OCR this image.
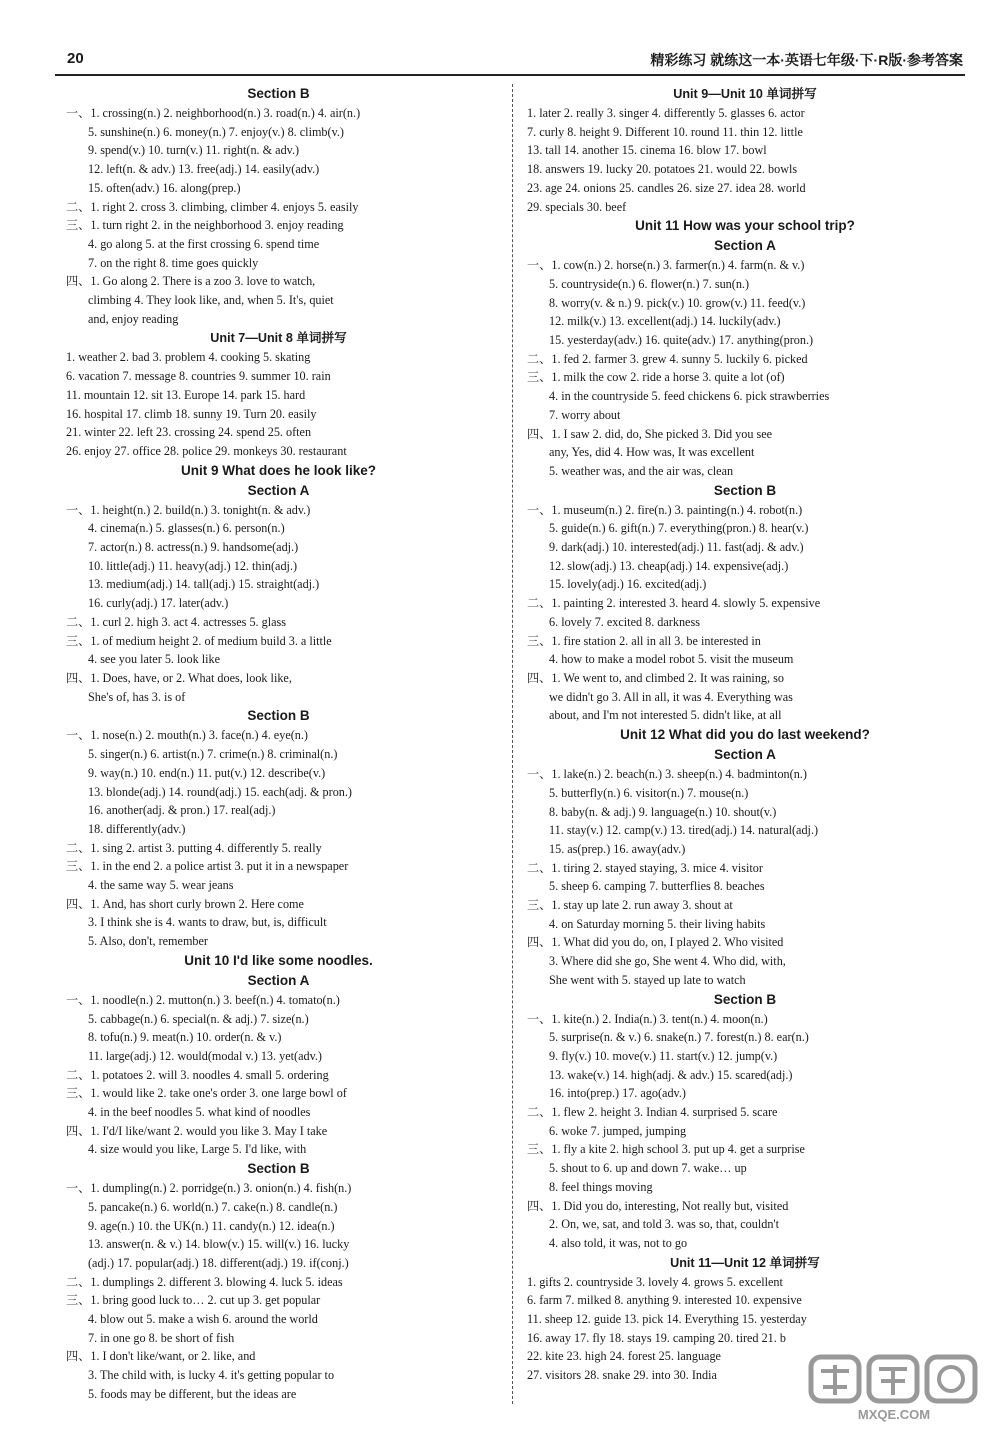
20	精彩练习 就练这一本·英语七年级·下·R版·参考答案
Section B
一、1. crossing(n.) 2. neighborhood(n.) 3. road(n.) 4. air(n.)
5. sunshine(n.) 6. money(n.) 7. enjoy(v.) 8. climb(v.)
9. spend(v.) 10. turn(v.) 11. right(n. & adv.)
12. left(n. & adv.) 13. free(adj.) 14. easily(adv.)
15. often(adv.) 16. along(prep.)
二、1. right 2. cross 3. climbing, climber 4. enjoys 5. easily
三、1. turn right 2. in the neighborhood 3. enjoy reading
4. go along 5. at the first crossing 6. spend time
7. on the right 8. time goes quickly
四、1. Go along 2. There is a zoo 3. love to watch,
climbing 4. They look like, and, when 5. It's, quiet
and, enjoy reading
Unit 7—Unit 8 单词拼写
1. weather 2. bad 3. problem 4. cooking 5. skating
6. vacation 7. message 8. countries 9. summer 10. rain
11. mountain 12. sit 13. Europe 14. park 15. hard
16. hospital 17. climb 18. sunny 19. Turn 20. easily
21. winter 22. left 23. crossing 24. spend 25. often
26. enjoy 27. office 28. police 29. monkeys 30. restaurant
Unit 9 What does he look like?
Section A
一、1. height(n.) 2. build(n.) 3. tonight(n. & adv.)
4. cinema(n.) 5. glasses(n.) 6. person(n.)
7. actor(n.) 8. actress(n.) 9. handsome(adj.)
10. little(adj.) 11. heavy(adj.) 12. thin(adj.)
13. medium(adj.) 14. tall(adj.) 15. straight(adj.)
16. curly(adj.) 17. later(adv.)
二、1. curl 2. high 3. act 4. actresses 5. glass
三、1. of medium height 2. of medium build 3. a little
4. see you later 5. look like
四、1. Does, have, or 2. What does, look like,
She's of, has 3. is of
Section B
一、1. nose(n.) 2. mouth(n.) 3. face(n.) 4. eye(n.)
5. singer(n.) 6. artist(n.) 7. crime(n.) 8. criminal(n.)
9. way(n.) 10. end(n.) 11. put(v.) 12. describe(v.)
13. blonde(adj.) 14. round(adj.) 15. each(adj. & pron.)
16. another(adj. & pron.) 17. real(adj.)
18. differently(adv.)
二、1. sing 2. artist 3. putting 4. differently 5. really
三、1. in the end 2. a police artist 3. put it in a newspaper
4. the same way 5. wear jeans
四、1. And, has short curly brown 2. Here come
3. I think she is 4. wants to draw, but, is, difficult
5. Also, don't, remember
Unit 10 I'd like some noodles.
Section A
一、1. noodle(n.) 2. mutton(n.) 3. beef(n.) 4. tomato(n.)
5. cabbage(n.) 6. special(n. & adj.) 7. size(n.)
8. tofu(n.) 9. meat(n.) 10. order(n. & v.)
11. large(adj.) 12. would(modal v.) 13. yet(adv.)
二、1. potatoes 2. will 3. noodles 4. small 5. ordering
三、1. would like 2. take one's order 3. one large bowl of
4. in the beef noodles 5. what kind of noodles
四、1. I'd/I like/want 2. would you like 3. May I take
4. size would you like, Large 5. I'd like, with
Section B
一、1. dumpling(n.) 2. porridge(n.) 3. onion(n.) 4. fish(n.)
5. pancake(n.) 6. world(n.) 7. cake(n.) 8. candle(n.)
9. age(n.) 10. the UK(n.) 11. candy(n.) 12. idea(n.)
13. answer(n. & v.) 14. blow(v.) 15. will(v.) 16. lucky
(adj.) 17. popular(adj.) 18. different(adj.) 19. if(conj.)
二、1. dumplings 2. different 3. blowing 4. luck 5. ideas
三、1. bring good luck to… 2. cut up 3. get popular
4. blow out 5. make a wish 6. around the world
7. in one go 8. be short of fish
四、1. I don't like/want, or 2. like, and
3. The child with, is lucky 4. it's getting popular to
5. foods may be different, but the ideas are
Unit 9—Unit 10 单词拼写
1. later 2. really 3. singer 4. differently 5. glasses 6. actor
7. curly 8. height 9. Different 10. round 11. thin 12. little
13. tall 14. another 15. cinema 16. blow 17. bowl
18. answers 19. lucky 20. potatoes 21. would 22. bowls
23. age 24. onions 25. candles 26. size 27. idea 28. world
29. specials 30. beef
Unit 11 How was your school trip?
Section A
一、1. cow(n.) 2. horse(n.) 3. farmer(n.) 4. farm(n. & v.)
5. countryside(n.) 6. flower(n.) 7. sun(n.)
8. worry(v. & n.) 9. pick(v.) 10. grow(v.) 11. feed(v.)
12. milk(v.) 13. excellent(adj.) 14. luckily(adv.)
15. yesterday(adv.) 16. quite(adv.) 17. anything(pron.)
二、1. fed 2. farmer 3. grew 4. sunny 5. luckily 6. picked
三、1. milk the cow 2. ride a horse 3. quite a lot (of)
4. in the countryside 5. feed chickens 6. pick strawberries
7. worry about
四、1. I saw 2. did, do, She picked 3. Did you see
any, Yes, did 4. How was, It was excellent
5. weather was, and the air was, clean
Section B
一、1. museum(n.) 2. fire(n.) 3. painting(n.) 4. robot(n.)
5. guide(n.) 6. gift(n.) 7. everything(pron.) 8. hear(v.)
9. dark(adj.) 10. interested(adj.) 11. fast(adj. & adv.)
12. slow(adj.) 13. cheap(adj.) 14. expensive(adj.)
15. lovely(adj.) 16. excited(adj.)
二、1. painting 2. interested 3. heard 4. slowly 5. expensive
6. lovely 7. excited 8. darkness
三、1. fire station 2. all in all 3. be interested in
4. how to make a model robot 5. visit the museum
四、1. We went to, and climbed 2. It was raining, so
we didn't go 3. All in all, it was 4. Everything was
about, and I'm not interested 5. didn't like, at all
Unit 12 What did you do last weekend?
Section A
一、1. lake(n.) 2. beach(n.) 3. sheep(n.) 4. badminton(n.)
5. butterfly(n.) 6. visitor(n.) 7. mouse(n.)
8. baby(n. & adj.) 9. language(n.) 10. shout(v.)
11. stay(v.) 12. camp(v.) 13. tired(adj.) 14. natural(adj.)
15. as(prep.) 16. away(adv.)
二、1. tiring 2. stayed staying, 3. mice 4. visitor
5. sheep 6. camping 7. butterflies 8. beaches
三、1. stay up late 2. run away 3. shout at
4. on Saturday morning 5. their living habits
四、1. What did you do, on, I played 2. Who visited
3. Where did she go, She went 4. Who did, with,
She went with 5. stayed up late to watch
Section B
一、1. kite(n.) 2. India(n.) 3. tent(n.) 4. moon(n.)
5. surprise(n. & v.) 6. snake(n.) 7. forest(n.) 8. ear(n.)
9. fly(v.) 10. move(v.) 11. start(v.) 12. jump(v.)
13. wake(v.) 14. high(adj. & adv.) 15. scared(adj.)
16. into(prep.) 17. ago(adv.)
二、1. flew 2. height 3. Indian 4. surprised 5. scare
6. woke 7. jumped, jumping
三、1. fly a kite 2. high school 3. put up 4. get a surprise
5. shout to 6. up and down 7. wake… up
8. feel things moving
四、1. Did you do, interesting, Not really but, visited
2. On, we, sat, and told 3. was so, that, couldn't
4. also told, it was, not to go
Unit 11—Unit 12 单词拼写
1. gifts 2. countryside 3. lovely 4. grows 5. excellent
6. farm 7. milked 8. anything 9. interested 10. expensive
11. sheep 12. guide 13. pick 14. Everything 15. yesterday
16. away 17. fly 18. stays 19. camping 20. tired 21. b
22. kite 23. high 24. forest 25. language
27. visitors 28. snake 29. into 30. India
MXQE.COM
